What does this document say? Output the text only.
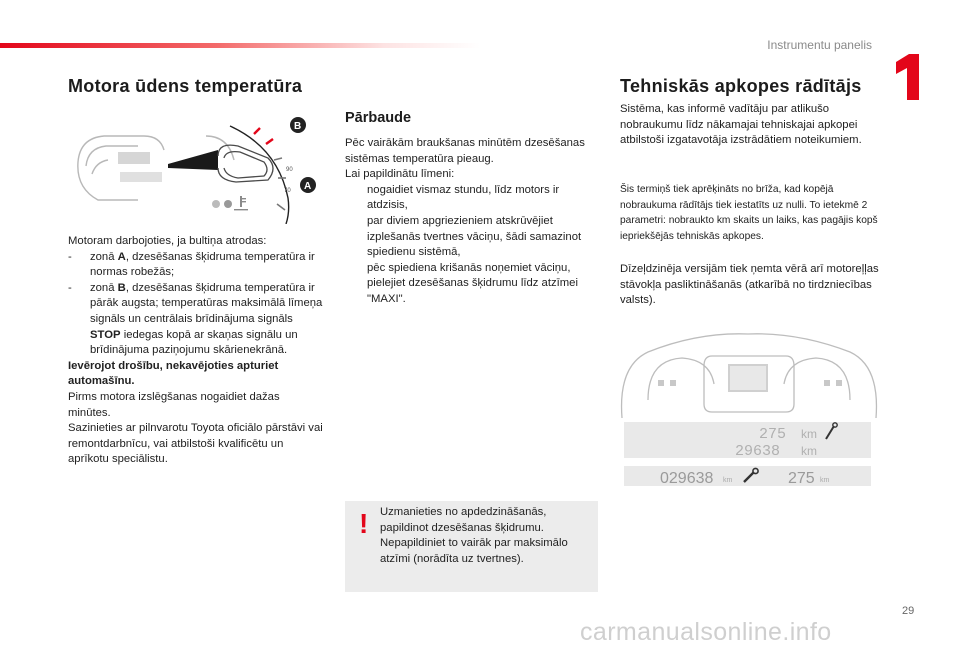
Instrumentu panelis
1
Motora ūdens temperatūra
90
70
B
A

Motoram darbojoties, ja bultiņa atrodas:

-	zonā A, dzesēšanas šķidruma temperatūra ir normas robežās;
-	zonā B, dzesēšanas šķidruma temperatūra ir pārāk augsta; temperatūras maksimālā līmeņa signāls un centrālais brīdinājuma signāls STOP iedegas kopā ar skaņas signālu un brīdinājuma paziņojumu skārienekrānā.

Ievērojot drošību, nekavējoties apturiet automašīnu.

Pirms motora izslēgšanas nogaidiet dažas minūtes.

Sazinieties ar pilnvarotu Toyota oficiālo pārstāvi vai remontdarbnīcu, vai atbilstoši kvalificētu un aprīkotu speciālistu.

Pārbaude

Pēc vairākām braukšanas minūtēm dzesēšanas sistēmas temperatūra pieaug.

Lai papildinātu līmeni:

nogaidiet vismaz stundu, līdz motors ir atdzisis,
par diviem apgriezieniem atskrūvējiet izplešanās tvertnes vāciņu, šādi samazinot spiedienu sistēmā,
pēc spiediena krišanās noņemiet vāciņu,
pielejiet dzesēšanas šķidrumu līdz atzīmei "MAXI".
! Uzmanieties no apdedzināšanās, papildinot dzesēšanas šķidrumu. Nepapildiniet to vairāk par maksimālo atzīmi (norādīta uz tvertnes).
Tehniskās apkopes rādītājs
Sistēma, kas informē vadītāju par atlikušo nobraukumu līdz nākamajai tehniskajai apkopei atbilstoši izgatavotāja izstrādātiem noteikumiem.
Šis termiņš tiek aprēķināts no brīža, kad kopējā nobraukuma rādītājs tiek iestatīts uz nulli. To ietekmē 2 parametri: nobraukto km skaits un laiks, kas pagājis kopš iepriekšējās tehniskās apkopes.
Dīzeļdzinēja versijām tiek ņemta vērā arī motoreļļas stāvokļa pasliktināšanās (atkarībā no tirdzniecības valsts).
275 km
29638 km
029638 km	275 km
29
carmanualsonline.info
